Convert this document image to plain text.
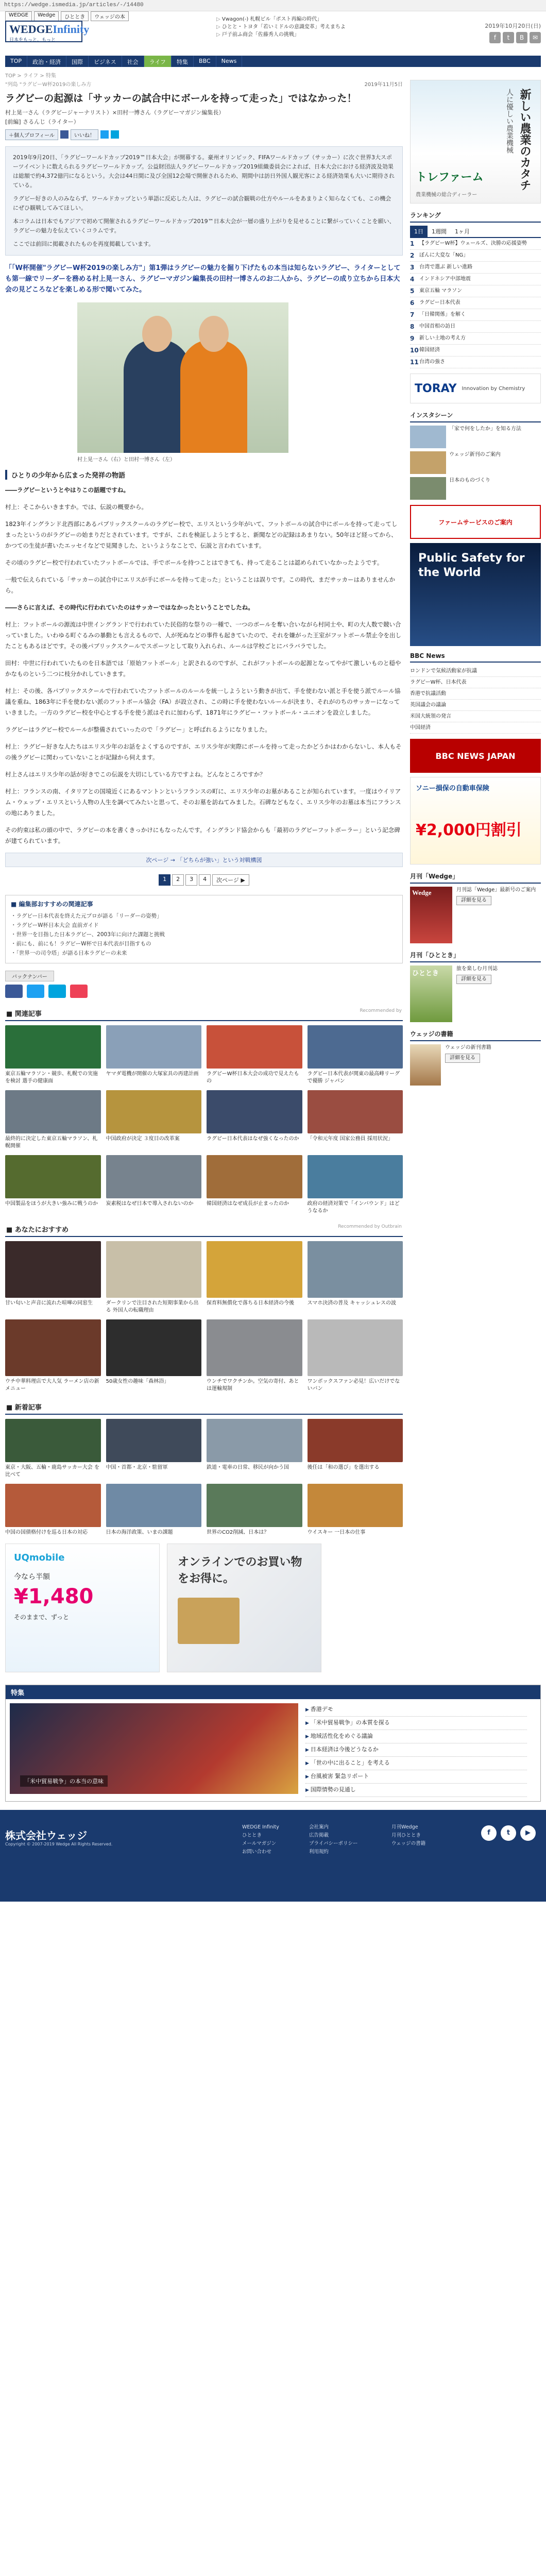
https://wedge.ismedia.jp/articles/-/14480
WEDGE	Wedge	ひととき	ウェッジの本
WEDGEInfinity
日本をもっと、もっと
▷ Vwagon(-) 札幌ビル「ポスト再編の時代」
▷ ひとと・トヨタ「若いミドルの意識変革」考えまちよ
▷ 戸子前ふ商会「佐藤秀人の挑戦」
2019年10月20日(日)
f	t	B	✉
TOP	政治・経済	国際	ビジネス	社会	ライフ	特集	BBC	News
TOP > ライフ > 特集
"列島 "ラグビーW杯2019の楽しみ方	2019年11月5日
ラグビーの起源は「サッカーの試合中にボールを持って走った」ではなかった！
村上晃一さん（ラグビージャーナリスト）×田村一博さん（ラグビーマガジン編集長）
[前編] さるんじ（ライター）
＋個人プロフィール	いいね！

2019年9月20日、「ラグビーワールドカップ2019™日本大会」が開幕する。豪州オリンピック、FIFAワールドカップ（サッカー）に次ぐ世界3大スポーツイベントに数えられるラグビーワールドカップ。公益財団法人ラグビーワールドカップ2019組織委員会によれば、日本大会における経済波及効果は総額で約4,372億円になるという。大会は44日間に及び全国12会場で開催されるため、期間中は訪日外国人観光客による経済効果も大いに期待されている。

ラグビー好きの人のみならず、ワールドカップという単語に反応した人は、ラグビーの試合観戦の仕方やルールをあまりよく知らなくても、この機会にぜひ観戦してみてほしい。

本コラムは日本でもアジアで初めて開催されるラグビーワールドカップ2019™日本大会が一層の盛り上がりを見せることに繋がっていくことを願い、ラグビーの魅力を伝えていくコラムです。

ここでは前回に掲載されたものを再度掲載しています。

「「W杯開催"ラグビーW杯2019の楽しみ方"」第1弾はラグビーの魅力を掘り下げたもの本当は知らないラグビー、ライターとしても第一線でリーダーを務める村上晃一さん、ラグビーマガジン編集長の田村一博さんのお二人から、ラグビーの成り立ちから日本大会の見どころなどを楽しめる形で聞いてみた。
村上晃一さん（右）と田村一博さん（左）
ひとりの少年から広まった発祥の物語

――ラグビーというとやはりこの話題ですね。

村上：そこからいきますか。では、伝説の概要から。

1823年イングランド北西部にあるパブリックスクールのラグビー校で、エリスという少年がいて、フットボールの試合中にボールを持って走ってしまったというのがラグビーの始まりだとされています。ですが、これを検証しようとすると、新聞などの記録はあまりない。50年ほど経ってから、かつての生徒が書いたエッセイなどで見聞きした、というようなことで、伝説と言われています。

その頃のラグビー校で行われていたフットボールでは、手でボールを持つことはできても、持って走ることは認められていなかったようです。

一般で伝えられている「サッカーの試合中にエリスが手にボールを持って走った」ということは誤りです。この時代、まだサッカーはありませんから。

――さらに言えば、その時代に行われていたのはサッカーではなかったということでしたね。

村上：フットボールの源流は中世イングランドで行われていた民俗的な祭りの一種で、一つのボールを奪い合いながら村同士や、町の大人数で競い合っていました。いわゆる町ぐるみの暴動とも言えるもので、人が死ぬなどの事件も起きていたので、それを嫌がった王室がフットボール禁止令を出したこともあるほどです。その後パブリックスクールでスポーツとして取り入れられ、ルールは学校ごとにバラバラでした。

田村：中世に行われていたものを日本語では「原始フットボール」と訳されるのですが、これがフットボールの起源となってやがて激しいものと穏やかなものという二つに枝分かれしていきます。

村上：その後、各パブリックスクールで行われていたフットボールのルールを統一しようという動きが出て、手を使わない派と手を使う派でルール協議を重ね、1863年に手を使わない派のフットボール協会（FA）が設立され、この時に手を使わないルールが決まり、それがのちのサッカーになっていきました。一方のラグビー校を中心とする手を使う派はそれに加わらず、1871年にラグビー・フットボール・ユニオンを設立しました。

ラグビーはラグビー校でルールが整備されていったので「ラグビー」と呼ばれるようになりました。

村上：ラグビー好きな人たちはエリス少年のお話をよくするのですが、エリス少年が実際にボールを持って走ったかどうかはわからないし、本人もその後ラグビーに関わっていないことが記録から伺えます。

村上さんはエリス少年の話が好きでこの伝説を大切にしている方ですよね。どんなところですか？

村上：フランスの南、イタリアとの国境近くにあるマントンというフランスの町に、エリス少年のお墓があることが知られています。一度はウイリアム・ウェッブ・エリスという人物の人生を調べてみたいと思って、そのお墓を訪ねてみました。石碑などもなく、エリス少年のお墓は本当にフランスの地にありました。

その約束は私の頭の中で、ラグビーの本を書くきっかけにもなったんです。イングランド協会からも「最初のラグビーフットボーラー」という記念碑が建てられています。

次ページ → 「どちらが強い」という対戦構図
1	2	3	4	次ページ ▶
■ 編集部おすすめの関連記事
・ ラグビー日本代表を終えた元プロが語る「リーダーの姿勢」
・ ラグビーW杯日本大会 直前ガイド
・ 世界一を目指した日本ラグビー、2003年に向けた課題と挑戦
・ 前にも、前にも！ラグビーW杯で日本代表が目指すもの
・ 「世界一の司令塔」が語る日本ラグビーの未来
バックナンバー
■ 関連記事	Recommended by
東京五輪マラソン・競歩、札幌での実施を検討 選手の健康面
ヤマダ電機が開催の大塚家具の再建計画	ラグビーW杯日本大会の成功で見えたもの
ラグビー日本代表が関東の最高峰リーグで優勝 ジャパン
最終的に決定した東京五輪マラソン、札幌開催
中国政府が決定 ３度目の改革案	ラグビー日本代表はなぜ強くなったのか	「令和元年度 国家公務員 採用状況」
中国製品をほうが大きい強みに戦うのか	炭素税はなぜ日本で導入されないのか	韓国経済はなぜ成長が止まったのか	政府の経済対策で「インバウンド」はどうなるか
■ あなたにおすすめ	Recommended by Outbrain
甘い匂いと声音に流れた喧嘩の同窓生	ダークリンで注目された短期事業から出る 外国人の転職理由
保育料無償化で落ちる日本経済の今後	スマホ決済の普及 キャッシュレスの波
ウチ中華料理店で大人気 ラーメン店の新メニュー
50歳女性の趣味「森林浴」	ウンチでワクチンか。空気の寄付、あとは運輸規制
ワンボックスファン必見！広いだけでないバン
■ 新着記事
東京・大阪、五輪・鹿島サッカー大会 を比べて
中国・首都・北京・駐留軍	鉄道・電車の日常、移民が向かう国	後任は「和の選び」を選出する
中国の国債格付けを巡る日本の対応	日本の海洋政策、いまの課題	世界のCO2削減、日本は？	ウイスキー 一日本の仕事
UQmobile
今なら半額
¥1,480
そのままで、ずっと
オンラインでのお買い物をお得に。
新しい農業のカタチ
人に優しい農業機械
トレファーム
農業機械の総合ディーラー
ランキング
1日	1週間	1ヶ月
1 【ラグビーW杯】ウェールズ、決勝の応援姿勢
2 ぼんに大変な「NG」
3 台湾で選ぶ 新しい進路
4 インドネシア中部地震
5 東京五輪 マラソン
6 ラグビー日本代表
7 「日韓関係」を解く
8 中国首相の訪日
9 新しい土地の考え方
10 韓国経済
11 台湾の強さ
TORAY Innovation by Chemistry
インスタシーン
「家で何をしたか」を知る方法
ウェッジ新刊のご案内
日本のものづくり
ファームサービスのご案内
Public Safety for the World
BBC News
ロンドンで気候活動家が抗議
ラグビーW杯、日本代表
香港で抗議活動
英国議会の議論
米国大統領の発言
中国経済
BBC NEWS JAPAN
ソニー損保の自動車保険
¥2,000円割引
月刊「Wedge」
Wedge	月刊誌「Wedge」最新号のご案内
詳細を見る
月刊「ひととき」
ひととき
旅を楽しむ月刊誌
詳細を見る
ウェッジの書籍
ウェッジの新刊書籍
詳細を見る
特集
「米中貿易戦争」の本当の意味
▶ 香港デモ
▶ 「米中貿易戦争」の本質を探る
▶ 地域活性化をめぐる議論
▶ 日本経済は今後どうなるか
▶ 「世の中に出ること」を考える
▶ 台風被害 緊急リポート
▶ 国際情勢の見通し
株式会社ウェッジ
Copyright © 2007-2019 Wedge All Rights Reserved.
WEDGE Infinity
ひととき
メールマガジン
お問い合わせ
会社案内
広告掲載
プライバシーポリシー
利用規約
月刊Wedge
月刊ひととき
ウェッジの書籍
f	t	▶
